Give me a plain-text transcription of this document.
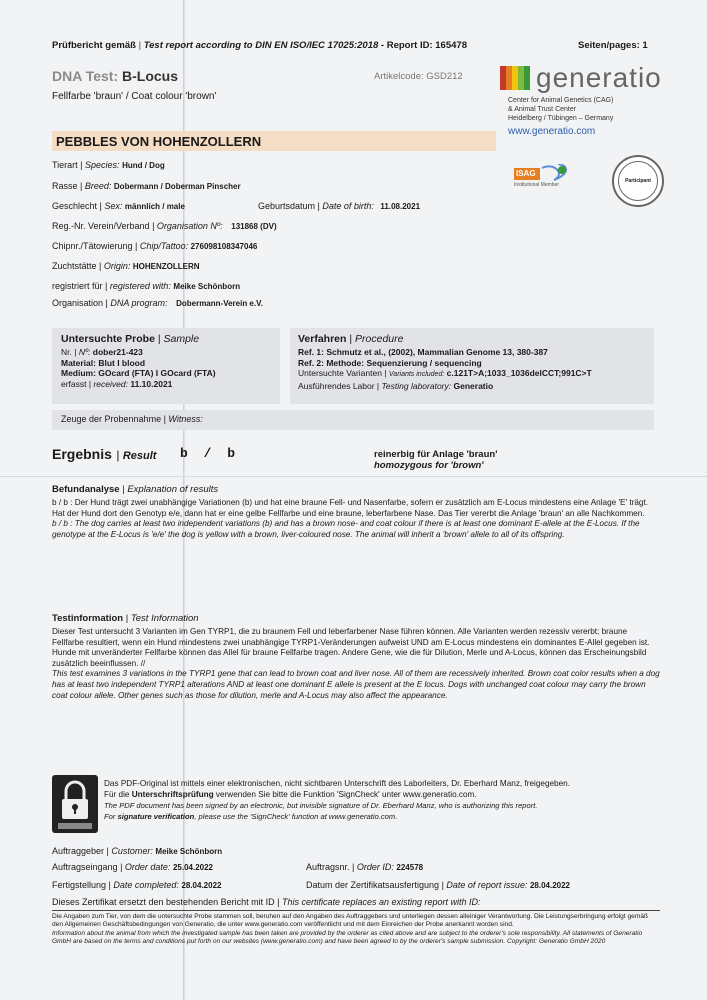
Prüfbericht gemäß | Test report according to DIN EN ISO/IEC 17025:2018 - Report ID: 165478	Seiten/pages: 1
DNA Test: B-Locus
Fellfarbe 'braun' / Coat colour 'brown'
Artikelcode: GSD212	generatio
Center for Animal Genetics (CAG)
& Animal Trust Center
Heidelberg / Tübingen – Germany
www.generatio.com
PEBBLES VON HOHENZOLLERN
ISAG
Institutional Member
Participant
Tierart | Species: Hund / Dog
Rasse | Breed: Dobermann / Doberman Pinscher
Geschlecht | Sex: männlich / male	Geburtsdatum | Date of birth: 11.08.2021
Reg.-Nr. Verein/Verband | Organisation Nº: 131868 (DV)
Chipnr./Tätowierung | Chip/Tattoo: 276098108347046
Zuchtstätte | Origin: HOHENZOLLERN
registriert für | registered with: Meike Schönborn
Organisation | DNA program: Dobermann-Verein e.V.
Untersuchte Probe | Sample
Nr. | Nº: dober21-423
Material: Blut I blood
Medium: GOcard (FTA) I GOcard (FTA)
erfasst | received: 11.10.2021
Verfahren | Procedure
Ref. 1: Schmutz et al., (2002), Mammalian Genome 13, 380-387
Ref. 2: Methode: Sequenzierung / sequencing
Untersuchte Varianten | Variants included: c.121T>A;1033_1036delCCT;991C>T
Ausführendes Labor | Testing laboratory: Generatio
Zeuge der Probennahme | Witness:
Ergebnis | Result b / b	reinerbig für Anlage 'braun'
homozygous for 'brown'
Befundanalyse | Explanation of results
b / b : Der Hund trägt zwei unabhängige Variationen (b) und hat eine braune Fell- und Nasenfarbe, sofern er zusätzlich am E-Locus mindestens eine Anlage 'E' trägt. Hat der Hund dort den Genotyp e/e, dann hat er eine gelbe Fellfarbe und eine braune, leberfarbene Nase. Das Tier vererbt die Anlage 'braun' an alle Nachkommen.
b / b : The dog carries at least two independent variations (b) and has a brown nose- and coat colour if there is at least one dominant E-allele at the E-Locus. If the genotype at the E-Locus is 'e/e' the dog is yellow with a brown, liver-coloured nose. The animal will inherit a 'brown' allele to all of its offspring.
Testinformation | Test Information
Dieser Test untersucht 3 Varianten im Gen TYRP1, die zu braunem Fell und leberfarbener Nase führen können. Alle Varianten werden rezessiv vererbt; braune Fellfarbe resultiert, wenn ein Hund mindestens zwei unabhängige TYRP1-Veränderungen aufweist UND am E-Locus mindestens ein dominantes E-Allel gegeben ist. Hunde mit unveränderter Fellfarbe können das Allel für braune Fellfarbe tragen. Andere Gene, wie die für Dilution, Merle und A-Locus, können das Erscheinungsbild zusätzlich beeinflussen. //
This test examines 3 variations in the TYRP1 gene that can lead to brown coat and liver nose. All of them are recessively inherited. Brown coat color results when a dog has at least two independent TYRP1 alterations AND at least one dominant E allele is present at the E locus. Dogs with unchanged coat colour may carry the brown coat colour allele. Other genes such as those for dilution, merle and A-Locus may also affect the appearance.
Das PDF-Original ist mittels einer elektronischen, nicht sichtbaren Unterschrift des Laborleiters, Dr. Eberhard Manz, freigegeben.
Für die Unterschriftsprüfung verwenden Sie bitte die Funktion 'SignCheck' unter www.generatio.com.
The PDF document has been signed by an electronic, but invisible signature of Dr. Eberhard Manz, who is authorizing this report.
For signature verification, please use the 'SignCheck' function at www.generatio.com.
Auftraggeber | Customer: Meike Schönborn
Auftragseingang | Order date: 25.04.2022	Auftragsnr. | Order ID: 224578
Fertigstellung | Date completed: 28.04.2022	Datum der Zertifikatsausfertigung | Date of report issue: 28.04.2022
Dieses Zertifikat ersetzt den bestehenden Bericht mit ID | This certificate replaces an existing report with ID:
Die Angaben zum Tier, von dem die untersuchte Probe stammen soll, beruhen auf den Angaben des Auftraggebers und unterliegen dessen alleiniger Verantwortung. Die Leistungserbringung erfolgt gemäß den Allgemeinen Geschäftsbedingungen von Generatio, die unter www.generatio.com veröffentlicht und mit dem Einreichen der Probe anerkannt worden sind.
Information about the animal from which the investigated sample has been taken are provided by the orderer as cited above and are subject to the orderer's sole responsibility. All statements of Generatio GmbH are based on the terms and conditions put forth on our websites (www.generatio.com) and have been agreed to by the orderer's sample submission. Copyright: Generatio GmbH 2020
